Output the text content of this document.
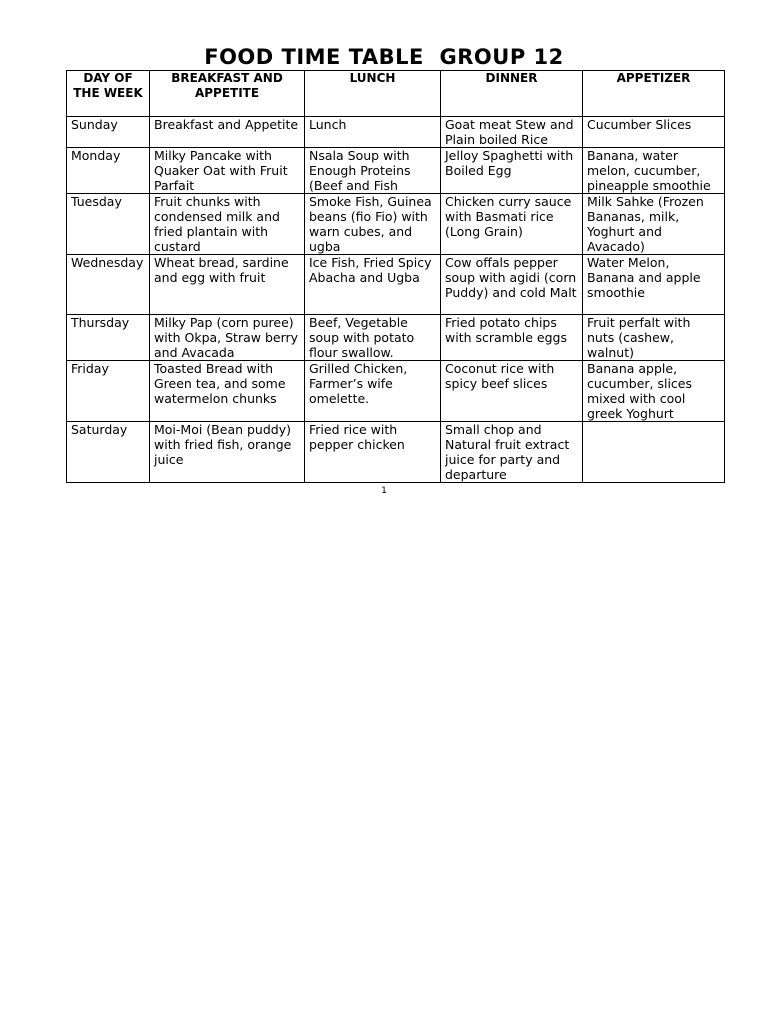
FOOD TIME TABLE  GROUP 12
DAY OF THE WEEK	BREAKFAST AND APPETITE	LUNCH	DINNER	APPETIZER
Sunday	Breakfast and Appetite	Lunch	Goat meat Stew and Plain boiled Rice	Cucumber Slices
Monday	Milky Pancake with Quaker Oat with Fruit Parfait	Nsala Soup with Enough Proteins (Beef and Fish	Jelloy Spaghetti with Boiled Egg	Banana, water melon, cucumber, pineapple smoothie
Tuesday	Fruit chunks with condensed milk and fried plantain with custard	Smoke Fish, Guinea beans (fio Fio) with warn cubes, and ugba	Chicken curry sauce with Basmati rice (Long Grain)	Milk Sahke (Frozen Bananas, milk, Yoghurt and Avacado)
Wednesday	Wheat bread, sardine and egg with fruit	Ice Fish, Fried Spicy Abacha and Ugba	Cow offals pepper soup with agidi (corn Puddy) and cold Malt	Water Melon, Banana and apple smoothie
Thursday	Milky Pap (corn puree) with Okpa, Straw berry and Avacada	Beef, Vegetable soup with potato flour swallow.	Fried potato chips with scramble eggs	Fruit perfalt with nuts (cashew, walnut)
Friday	Toasted Bread with Green tea, and some watermelon chunks	Grilled Chicken, Farmer’s wife omelette.	Coconut rice with spicy beef slices	Banana apple, cucumber, slices mixed with cool greek Yoghurt
Saturday	Moi-Moi (Bean puddy) with fried fish, orange juice	Fried rice with pepper chicken	Small chop and Natural fruit extract juice for party and departure	
1
